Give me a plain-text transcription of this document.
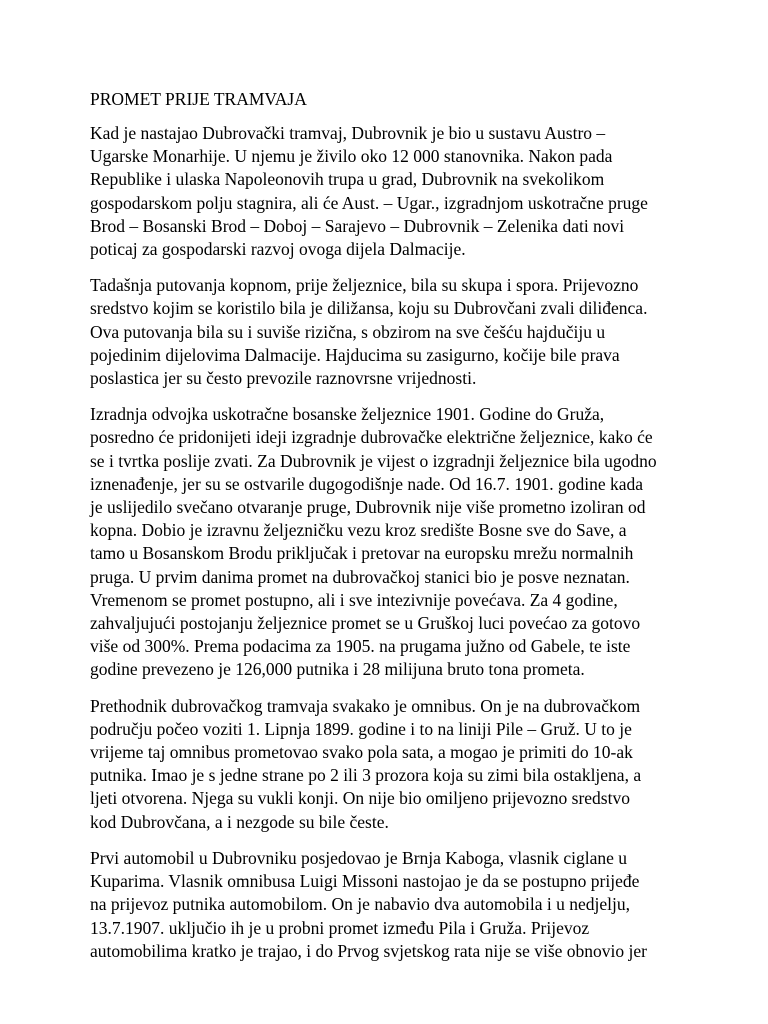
PROMET PRIJE TRAMVAJA
Kad je nastajao Dubrovački tramvaj, Dubrovnik je bio u sustavu Austro –
Ugarske Monarhije. U njemu je živilo oko 12 000 stanovnika. Nakon pada
Republike i ulaska Napoleonovih trupa u grad, Dubrovnik na svekolikom
gospodarskom polju stagnira, ali će Aust. – Ugar., izgradnjom uskotračne pruge
Brod – Bosanski Brod – Doboj – Sarajevo – Dubrovnik – Zelenika dati novi
poticaj za gospodarski razvoj ovoga dijela Dalmacije.
Tadašnja putovanja kopnom, prije željeznice, bila su skupa i spora. Prijevozno
sredstvo kojim se koristilo bila je diližansa, koju su Dubrovčani zvali diliđenca.
Ova putovanja bila su i suviše rizična, s obzirom na sve češću hajdučiju u
pojedinim dijelovima Dalmacije. Hajducima su zasigurno, kočije bile prava
poslastica jer su često prevozile raznovrsne vrijednosti.
Izradnja odvojka uskotračne bosanske željeznice 1901. Godine do Gruža,
posredno će pridonijeti ideji izgradnje dubrovačke električne željeznice, kako će
se i tvrtka poslije zvati. Za Dubrovnik je vijest o izgradnji željeznice bila ugodno
iznenađenje, jer su se ostvarile dugogodišnje nade. Od 16.7. 1901. godine kada
je uslijedilo svečano otvaranje pruge, Dubrovnik nije više prometno izoliran od
kopna. Dobio je izravnu željezničku vezu kroz središte Bosne sve do Save, a
tamo u Bosanskom Brodu priključak i pretovar na europsku mrežu normalnih
pruga. U prvim danima promet na dubrovačkoj stanici bio je posve neznatan.
Vremenom se promet postupno, ali i sve intezivnije povećava. Za 4 godine,
zahvaljujući postojanju željeznice promet se u Gruškoj luci povećao za gotovo
više od 300%. Prema podacima za 1905. na prugama južno od Gabele, te iste
godine prevezeno je 126,000 putnika i 28 milijuna bruto tona prometa.
Prethodnik dubrovačkog tramvaja svakako je omnibus. On je na dubrovačkom
području počeo voziti 1. Lipnja 1899. godine i to na liniji Pile – Gruž. U to je
vrijeme taj omnibus prometovao svako pola sata, a mogao je primiti do 10-ak
putnika. Imao je s jedne strane po 2 ili 3 prozora koja su zimi bila ostakljena, a
ljeti otvorena. Njega su vukli konji. On nije bio omiljeno prijevozno sredstvo
kod Dubrovčana, a i nezgode su bile česte.
Prvi automobil u Dubrovniku posjedovao je Brnja Kaboga, vlasnik ciglane u
Kuparima. Vlasnik omnibusa Luigi Missoni nastojao je da se postupno prijeđe
na prijevoz putnika automobilom. On je nabavio dva automobila i u nedjelju,
13.7.1907. uključio ih je u probni promet između Pila i Gruža. Prijevoz
automobilima kratko je trajao, i do Prvog svjetskog rata nije se više obnovio jer
